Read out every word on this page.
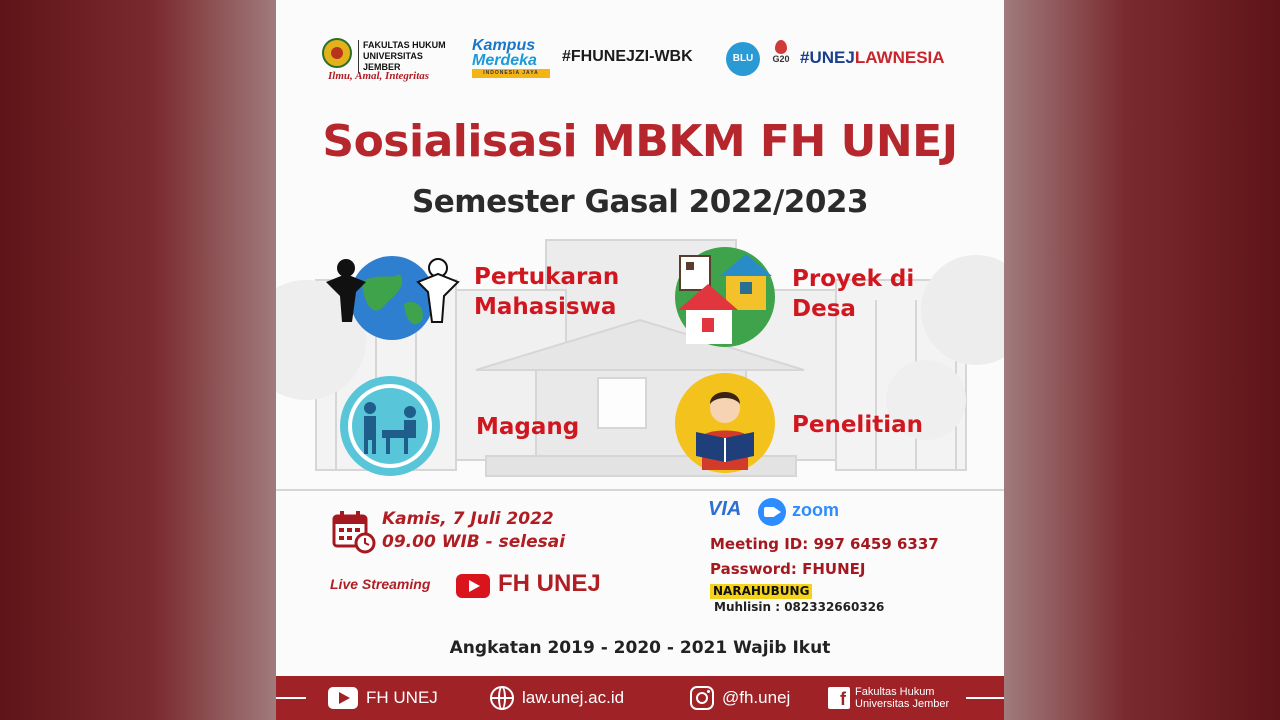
FAKULTAS HUKUM
UNIVERSITAS JEMBER
Ilmu, Amal, Integritas
Kampus
Merdeka
INDONESIA JAYA
#FHUNEJZI-WBK	BLU	G20 #UNEJLAWNESIA
Sosialisasi MBKM FH UNEJ
Semester Gasal 2022/2023
Pertukaran
Mahasiswa
Proyek di
Desa
Magang	Penelitian
Kamis, 7 Juli 2022
09.00 WIB - selesai
Live Streaming	FH UNEJ
VIA	zoom
Meeting ID: 997 6459 6337
Password: FHUNEJ
NARAHUBUNG
Muhlisin : 082332660326
Angkatan 2019 - 2020 - 2021 Wajib Ikut
FH UNEJ	law.unej.ac.id	@fh.unej	f Fakultas Hukum
Universitas Jember
